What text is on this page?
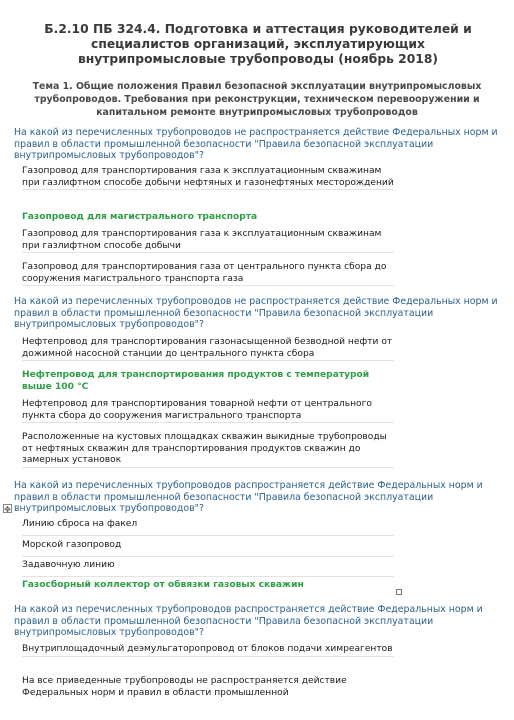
Б.2.10 ПБ 324.4. Подготовка и аттестация руководителей и специалистов организаций, эксплуатирующих внутрипромысловые трубопроводы (ноябрь 2018)
Тема 1. Общие положения Правил безопасной эксплуатации внутрипромысловых трубопроводов. Требования при реконструкции, техническом перевооружении и капитальном ремонте внутрипромысловых трубопроводов
На какой из перечисленных трубопроводов не распространяется действие Федеральных норм и правил в области промышленной безопасности "Правила безопасной эксплуатации внутрипромысловых трубопроводов"?
Газопровод для транспортирования газа к эксплуатационным скважинам при газлифтном способе добычи нефтяных и газонефтяных месторождений
Газопровод для магистрального транспорта
Газопровод для транспортирования газа к эксплуатационным скважинам при газлифтном способе добычи
Газопровод для транспортирования газа от центрального пункта сбора до сооружения магистрального транспорта газа
На какой из перечисленных трубопроводов не распространяется действие Федеральных норм и правил в области промышленной безопасности "Правила безопасной эксплуатации внутрипромысловых трубопроводов"?
Нефтепровод для транспортирования газонасыщенной безводной нефти от дожимной насосной станции до центрального пункта сбора
Нефтепровод для транспортирования продуктов с температурой выше 100 °С
Нефтепровод для транспортирования товарной нефти от центрального пункта сбора до сооружения магистрального транспорта
Расположенные на кустовых площадках скважин выкидные трубопроводы от нефтяных скважин для транспортирования продуктов скважин до замерных установок
На какой из перечисленных трубопроводов распространяется действие Федеральных норм и правил в области промышленной безопасности "Правила безопасной эксплуатации внутрипромысловых трубопроводов"?
✥
Линию сброса на факел
Морской газопровод
Задавочную линию
Газосборный коллектор от обвязки газовых скважин
На какой из перечисленных трубопроводов распространяется действие Федеральных норм и правил в области промышленной безопасности "Правила безопасной эксплуатации внутрипромысловых трубопроводов"?
Внутриплощадочный деэмульгаторопровод от блоков подачи химреагентов
На все приведенные трубопроводы не распространяется действие Федеральных норм и правил в области промышленной
